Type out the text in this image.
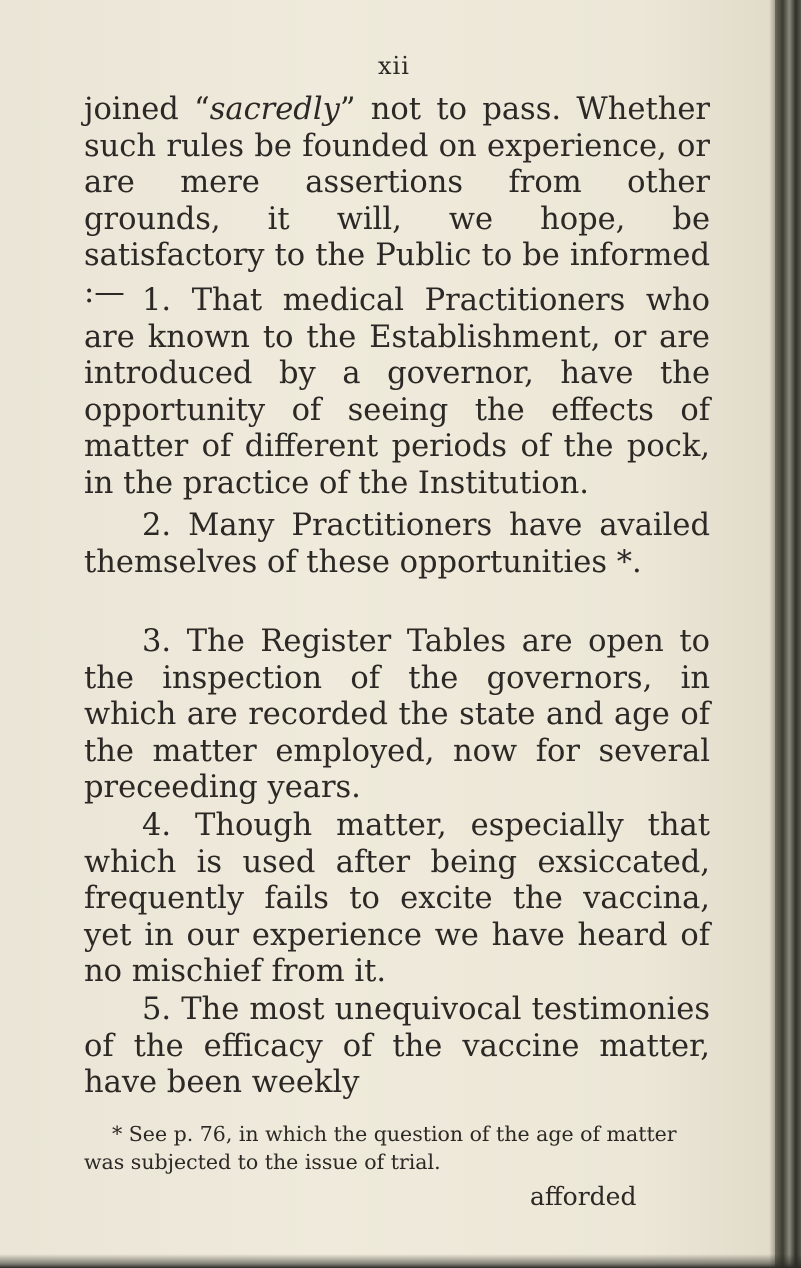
xii

joined “sacredly” not to pass. Whether such rules be founded on experience, or are mere assertions from other grounds, it will, we hope, be satisfactory to the Public to be informed :— 1. That medical Practitioners who are known to the Establishment, or are introduced by a governor, have the opportunity of seeing the effects of matter of different periods of the pock, in the practice of the Institution.

2. Many Practitioners have availed themselves of these opportunities *.

3. The Register Tables are open to the inspection of the governors, in which are recorded the state and age of the matter employed, now for several preceeding years.

4. Though matter, especially that which is used after being exsiccated, frequently fails to excite the vaccina, yet in our experience we have heard of no mischief from it.

5. The most unequivocal testimonies of the efficacy of the vaccine matter, have been weekly

* See p. 76, in which the question of the age of matter was subjected to the issue of trial.

afforded
